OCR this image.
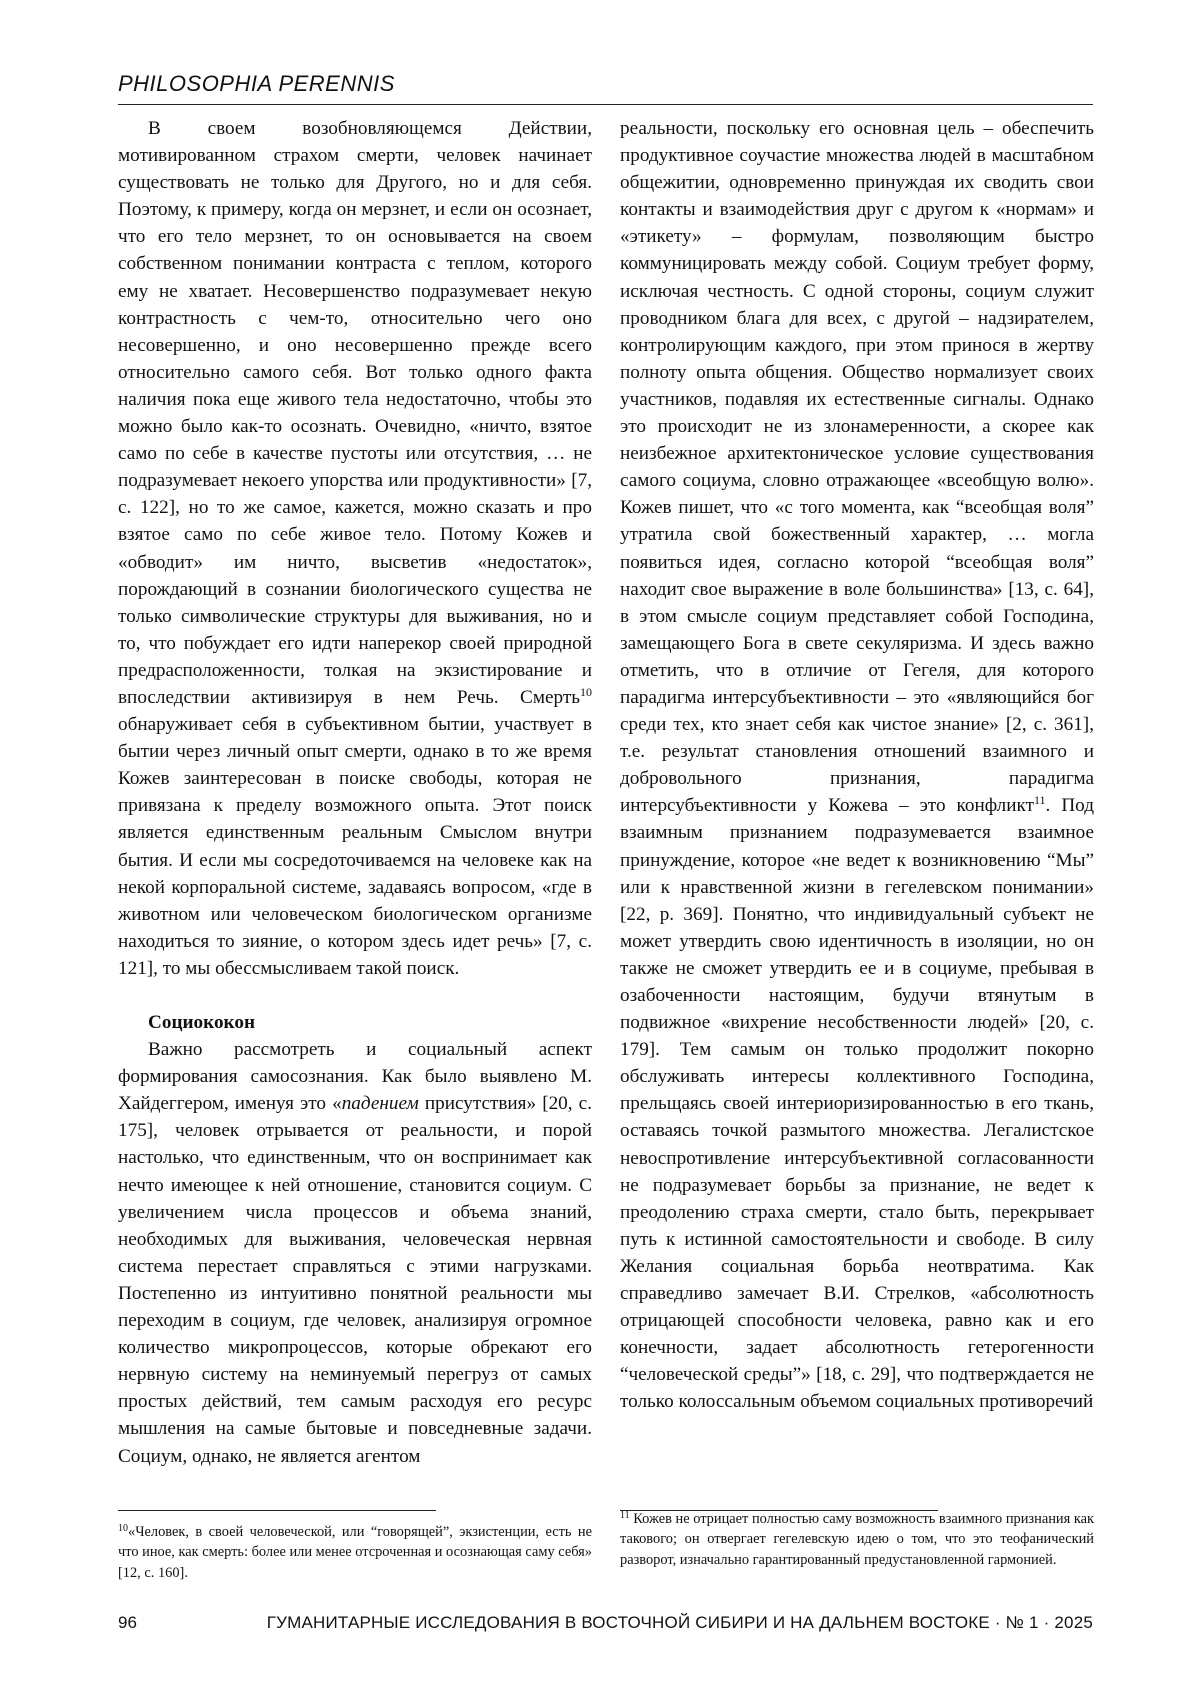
PHILOSOPHIA PERENNIS

В своем возобновляющемся Действии, мотивированном страхом смерти, человек начинает существовать не только для Другого, но и для себя. Поэтому, к примеру, когда он мерзнет, и если он осознает, что его тело мерзнет, то он основывается на своем собственном понимании контраста с теплом, которого ему не хватает. Несовершенство подразумевает некую контрастность с чем-то, относительно чего оно несовершенно, и оно несовершенно прежде всего относительно самого себя. Вот только одного факта наличия пока еще живого тела недостаточно, чтобы это можно было как-то осознать. Очевидно, «ничто, взятое само по себе в качестве пустоты или отсутствия, … не подразумевает некоего упорства или продуктивности» [7, с. 122], но то же самое, кажется, можно сказать и про взятое само по себе живое тело. Потому Кожев и «обводит» им ничто, высветив «недостаток», порождающий в сознании биологического существа не только символические структуры для выживания, но и то, что побуждает его идти наперекор своей природной предрасположенности, толкая на экзистирование и впоследствии активизируя в нем Речь. Смерть$^{10}$ обнаруживает себя в субъективном бытии, участвует в бытии через личный опыт смерти, однако в то же время Кожев заинтересован в поиске свободы, которая не привязана к пределу возможного опыта. Этот поиск является единственным реальным Смыслом внутри бытия. И если мы сосредоточиваемся на человеке как на некой корпоральной системе, задаваясь вопросом, «где в животном или человеческом биологическом организме находиться то зияние, о котором здесь идет речь» [7, с. 121], то мы обессмысливаем такой поиск.

Социококон

Важно рассмотреть и социальный аспект формирования самосознания. Как было выявлено М. Хайдеггером, именуя это «падением присутствия» [20, с. 175], человек отрывается от реальности, и порой настолько, что единственным, что он воспринимает как нечто имеющее к ней отношение, становится социум. С увеличением числа процессов и объема знаний, необходимых для выживания, человеческая нервная система перестает справляться с этими нагрузками. Постепенно из интуитивно понятной реальности мы переходим в социум, где человек, анализируя огромное количество микропроцессов, которые обрекают его нервную систему на неминуемый перегруз от самых простых действий, тем самым расходуя его ресурс мышления на самые бытовые и повседневные задачи. Социум, однако, не является агентом

реальности, поскольку его основная цель – обеспечить продуктивное соучастие множества людей в масштабном общежитии, одновременно принуждая их сводить свои контакты и взаимодействия друг с другом к «нормам» и «этикету» – формулам, позволяющим быстро коммуницировать между собой. Социум требует форму, исключая честность. С одной стороны, социум служит проводником блага для всех, с другой – надзирателем, контролирующим каждого, при этом принося в жертву полноту опыта общения. Общество нормализует своих участников, подавляя их естественные сигналы. Однако это происходит не из злонамеренности, а скорее как неизбежное архитектоническое условие существования самого социума, словно отражающее «всеобщую волю». Кожев пишет, что «с того момента, как “всеобщая воля” утратила свой божественный характер, … могла появиться идея, согласно которой “всеобщая воля” находит свое выражение в воле большинства» [13, с. 64], в этом смысле социум представляет собой Господина, замещающего Бога в свете секуляризма. И здесь важно отметить, что в отличие от Гегеля, для которого парадигма интерсубъективности – это «являющийся бог среди тех, кто знает себя как чистое знание» [2, с. 361], т.е. результат становления отношений взаимного и добровольного признания, парадигма интерсубъективности у Кожева – это конфликт$^{11}$. Под взаимным признанием подразумевается взаимное принуждение, которое «не ведет к возникновению “Мы” или к нравственной жизни в гегелевском понимании» [22, p. 369]. Понятно, что индивидуальный субъект не может утвердить свою идентичность в изоляции, но он также не сможет утвердить ее и в социуме, пребывая в озабоченности настоящим, будучи втянутым в подвижное «вихрение несобственности людей» [20, с. 179]. Тем самым он только продолжит покорно обслуживать интересы коллективного Господина, прельщаясь своей интериоризированностью в его ткань, оставаясь точкой размытого множества. Легалистское невоспротивление интерсубъективной согласованности не подразумевает борьбы за признание, не ведет к преодолению страха смерти, стало быть, перекрывает путь к истинной самостоятельности и свободе. В силу Желания социальная борьба неотвратима. Как справедливо замечает В.И. Стрелков, «абсолютность отрицающей способности человека, равно как и его конечности, задает абсолютность гетерогенности “человеческой среды”» [18, с. 29], что подтверждается не только колоссальным объемом социальных противоречий

$^{10}$«Человек, в своей человеческой, или “говорящей”, экзистенции, есть не что иное, как смерть: более или менее отсроченная и осознающая саму себя» [12, с. 160].
$^{11}$ Кожев не отрицает полностью саму возможность взаимного признания как такового; он отвергает гегелевскую идею о том, что это теофанический разворот, изначально гарантированный предустановленной гармонией.
96	ГУМАНИТАРНЫЕ ИССЛЕДОВАНИЯ В ВОСТОЧНОЙ СИБИРИ И НА ДАЛЬНЕМ ВОСТОКЕ · № 1 · 2025
